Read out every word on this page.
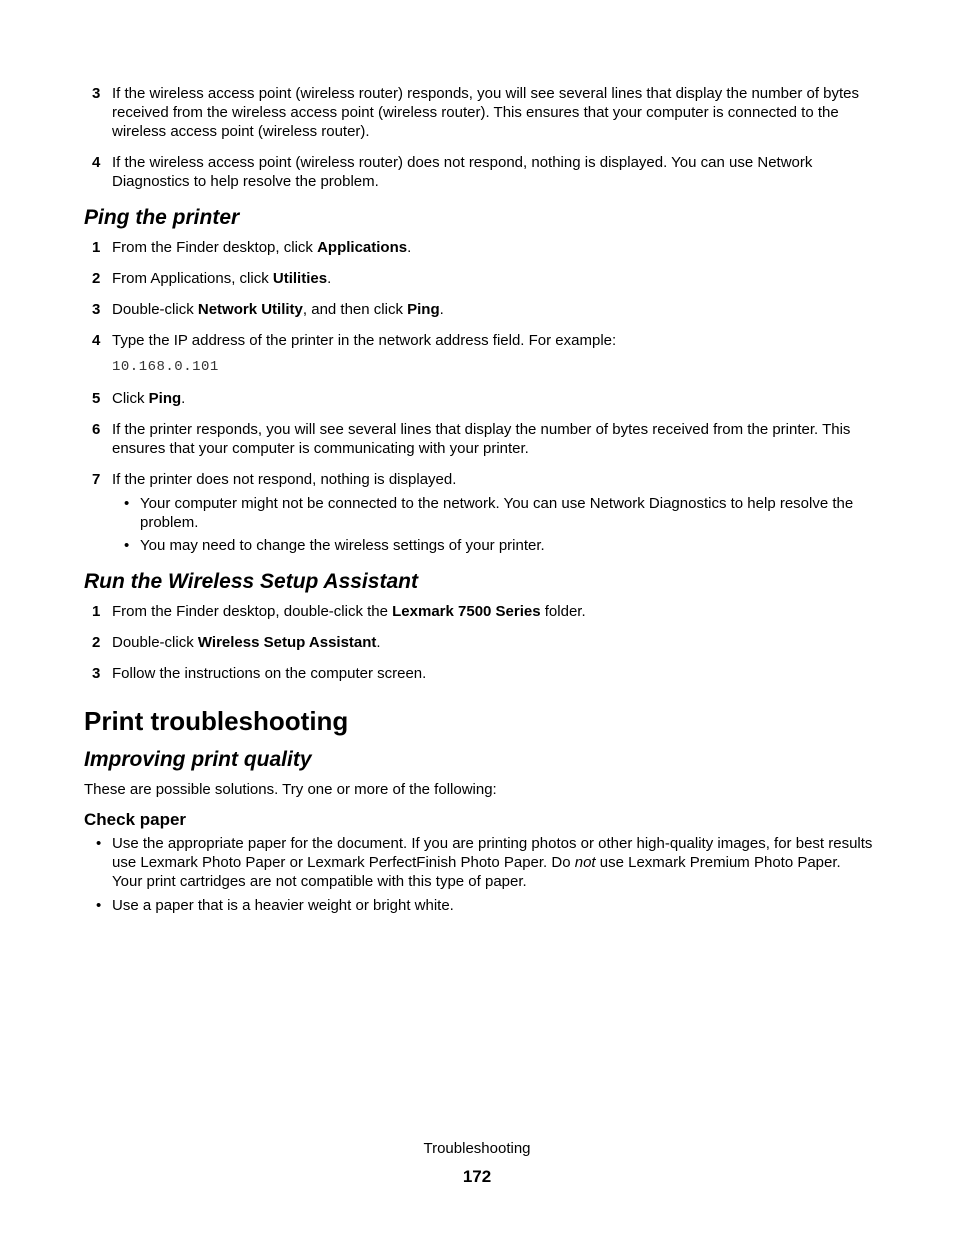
3 If the wireless access point (wireless router) responds, you will see several lines that display the number of bytes received from the wireless access point (wireless router). This ensures that your computer is connected to the wireless access point (wireless router).
4 If the wireless access point (wireless router) does not respond, nothing is displayed. You can use Network Diagnostics to help resolve the problem.
Ping the printer
1 From the Finder desktop, click Applications.
2 From Applications, click Utilities.
3 Double-click Network Utility, and then click Ping.
4 Type the IP address of the printer in the network address field. For example:
10.168.0.101
5 Click Ping.
6 If the printer responds, you will see several lines that display the number of bytes received from the printer. This ensures that your computer is communicating with your printer.
7 If the printer does not respond, nothing is displayed.
• Your computer might not be connected to the network. You can use Network Diagnostics to help resolve the problem.
• You may need to change the wireless settings of your printer.
Run the Wireless Setup Assistant
1 From the Finder desktop, double-click the Lexmark 7500 Series folder.
2 Double-click Wireless Setup Assistant.
3 Follow the instructions on the computer screen.
Print troubleshooting
Improving print quality
These are possible solutions. Try one or more of the following:
Check paper
• Use the appropriate paper for the document. If you are printing photos or other high-quality images, for best results use Lexmark Photo Paper or Lexmark PerfectFinish Photo Paper. Do not use Lexmark Premium Photo Paper. Your print cartridges are not compatible with this type of paper.
• Use a paper that is a heavier weight or bright white.
Troubleshooting
172
